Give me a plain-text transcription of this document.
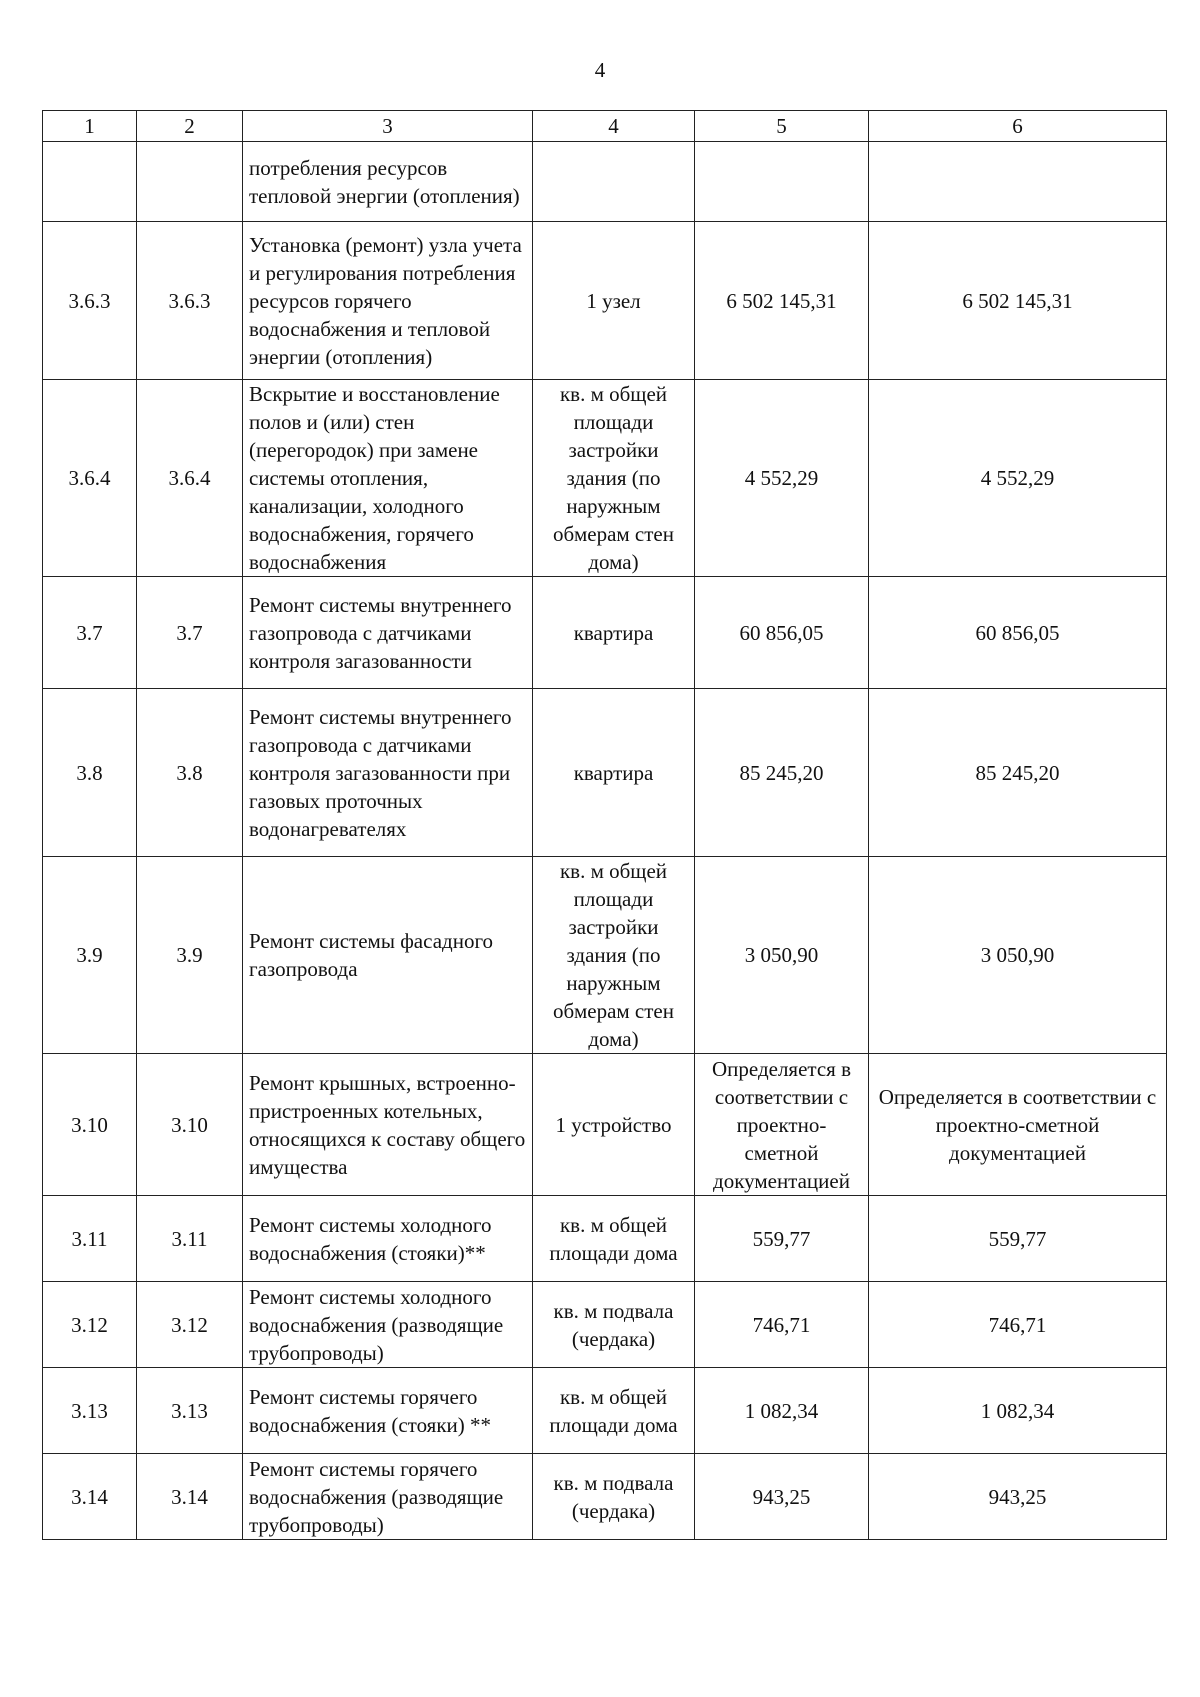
4
1	2	3	4	5	6
		потребления ресурсов тепловой энергии (отопления)			
3.6.3	3.6.3	Установка (ремонт) узла учета и регулирования потребления ресурсов горячего водоснабжения и тепловой энергии (отопления)	1 узел	6 502 145,31	6 502 145,31
3.6.4	3.6.4	Вскрытие и восстановление полов и (или) стен (перегородок) при замене системы отопления, канализации, холодного водоснабжения, горячего водоснабжения	кв. м общей площади застройки здания (по наружным обмерам стен дома)	4 552,29	4 552,29
3.7	3.7	Ремонт системы внутреннего газопровода с датчиками контроля загазованности	квартира	60 856,05	60 856,05
3.8	3.8	Ремонт системы внутреннего газопровода с датчиками контроля загазованности при газовых проточных водонагревателях	квартира	85 245,20	85 245,20
3.9	3.9	Ремонт системы фасадного газопровода	кв. м общей площади застройки здания (по наружным обмерам стен дома)	3 050,90	3 050,90
3.10	3.10	Ремонт крышных, встроенно-пристроенных котельных, относящихся к составу общего имущества	1 устройство	Определяется в соответствии с проектно-сметной документацией	Определяется в соответствии с проектно-сметной документацией
3.11	3.11	Ремонт системы холодного водоснабжения (стояки)**	кв. м общей площади дома	559,77	559,77
3.12	3.12	Ремонт системы холодного водоснабжения (разводящие трубопроводы)	кв. м подвала (чердака)	746,71	746,71
3.13	3.13	Ремонт системы горячего водоснабжения (стояки) **	кв. м общей площади дома	1 082,34	1 082,34
3.14	3.14	Ремонт системы горячего водоснабжения (разводящие трубопроводы)	кв. м подвала (чердака)	943,25	943,25
